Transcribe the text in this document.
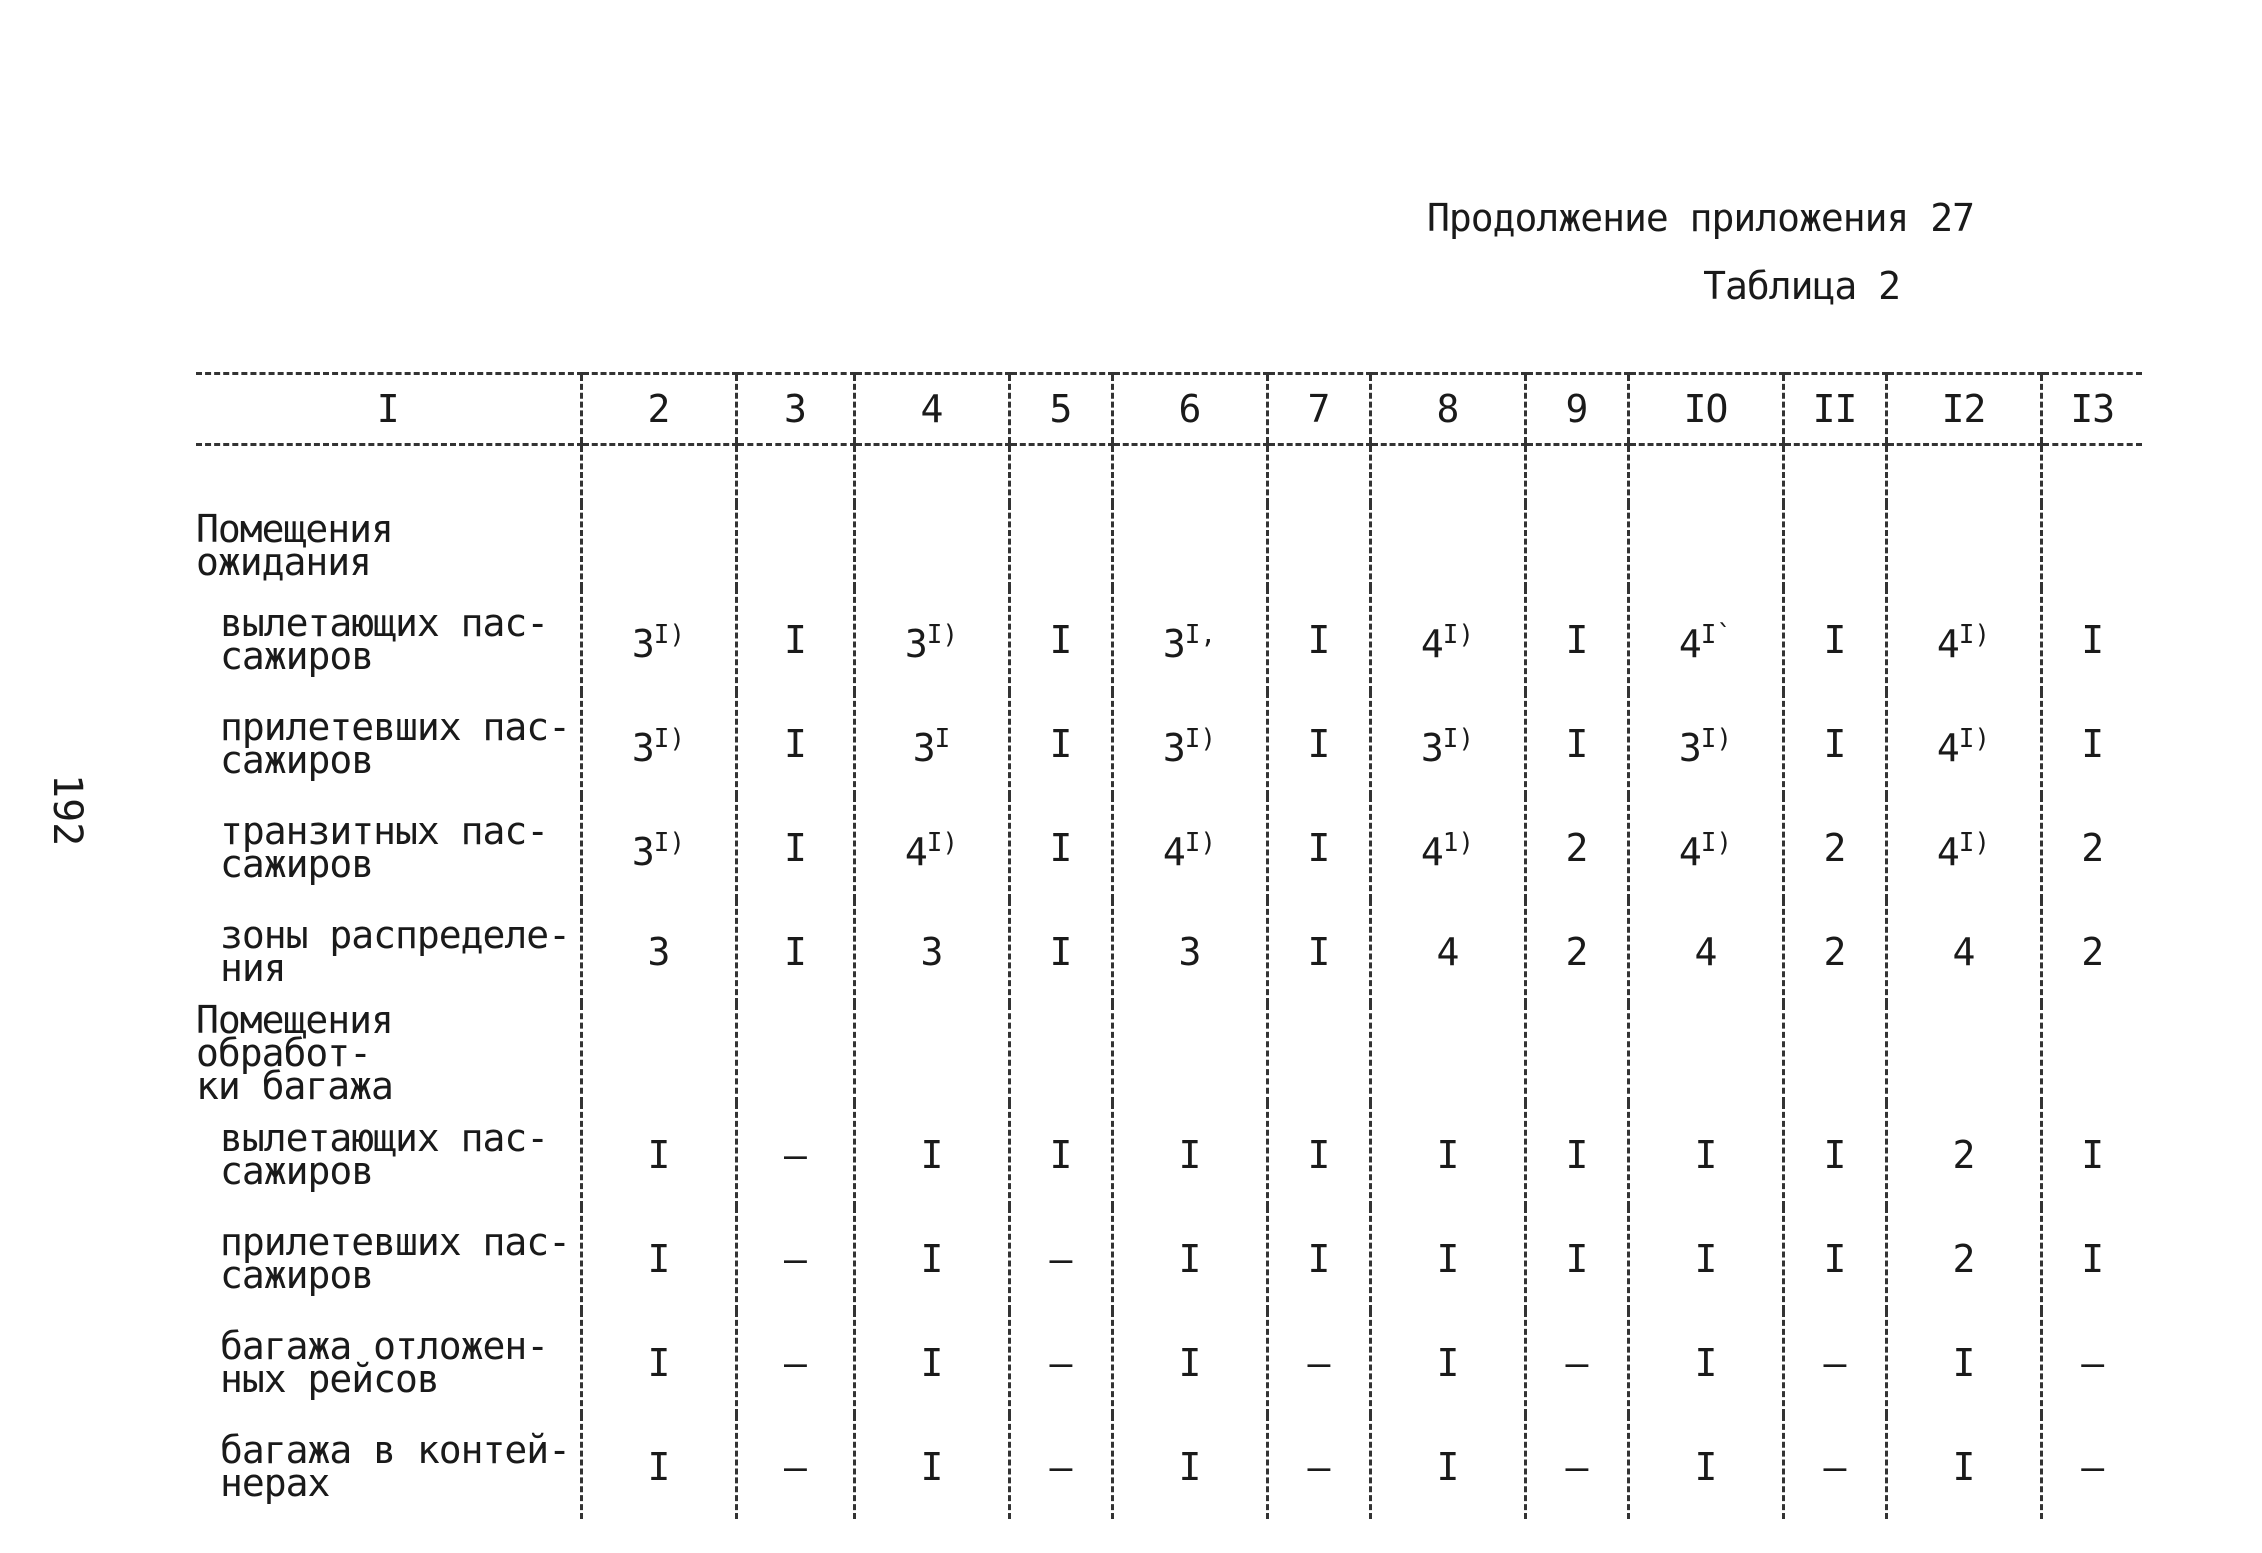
Продолжение приложения 27
Таблица 2
192
I	2	3	4	5	6	7	8	9	IO	II	I2	I3

Помещения ожидания												
вылетающих пас-
сажиров	$3^{I)}$	I	$3^{I)}$	I	$3^{I,}$	I	$4^{I)}$	I	$4^{I`}$	I	$4^{I)}$	I
прилетевших пас-
сажиров	$3^{I)}$	I	$3^I$	I	$3^{I)}$	I	$3^{I)}$	I	$3^{I)}$	I	$4^{I)}$	I
транзитных пас-
сажиров	$3^{I)}$	I	$4^{I)}$	I	$4^{I)}$	I	4$^{1)}$	2	$4^{I)}$	2	$4^{I)}$	2
зоны распределе-
ния	3	I	3	I	3	I	4	2	4	2	4	2
Помещения обработ-
ки багажа												
вылетающих пас-
сажиров	I	–	I	I	I	I	I	I	I	I	2	I
прилетевших пас-
сажиров	I	–	I	–	I	I	I	I	I	I	2	I
багажа отложен-
ных рейсов	I	–	I	–	I	–	I	–	I	–	I	–
багажа в контей-
нерах	I	–	I	–	I	–	I	–	I	–	I	–
